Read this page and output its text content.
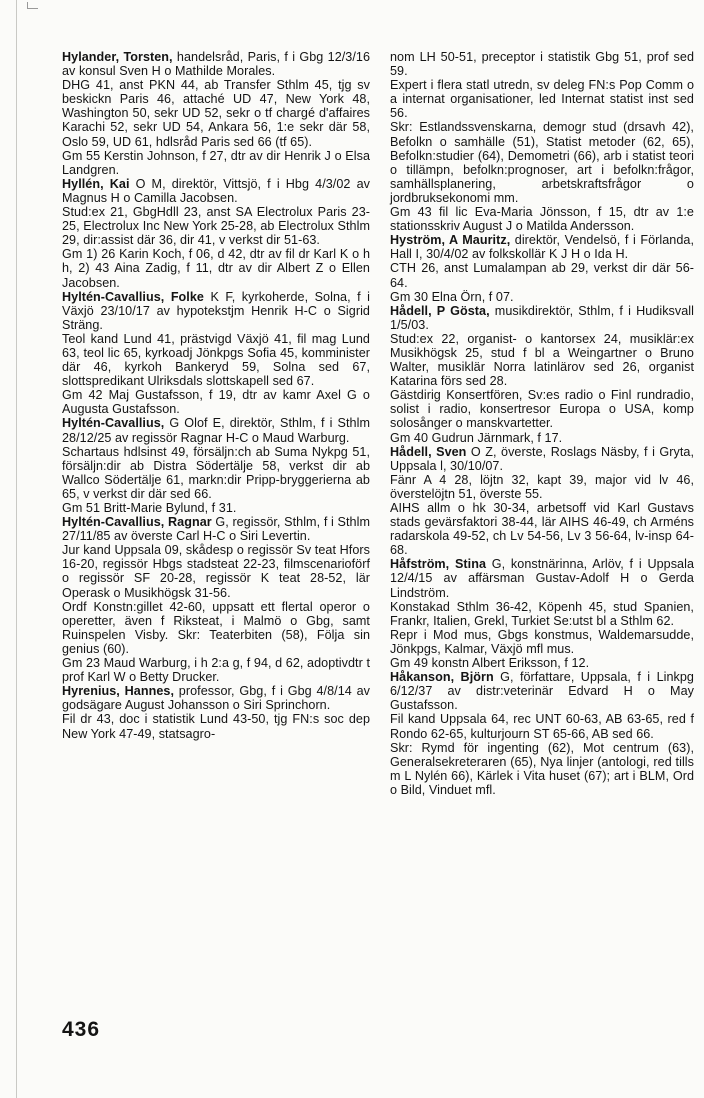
Hylander, Torsten, handelsråd, Paris, f i Gbg 12/3/16 av konsul Sven H o Mathilde Morales.

DHG 41, anst PKN 44, ab Transfer Sthlm 45, tjg sv beskickn Paris 46, attaché UD 47, New York 48, Washington 50, sekr UD 52, sekr o tf chargé d'affaires Karachi 52, sekr UD 54, Ankara 56, 1:e sekr där 58, Oslo 59, UD 61, hdlsråd Paris sed 66 (tf 65).

Gm 55 Kerstin Johnson, f 27, dtr av dir Henrik J o Elsa Landgren.

Hyllén, Kai O M, direktör, Vittsjö, f i Hbg 4/3/02 av Magnus H o Camilla Jacobsen.

Stud:ex 21, GbgHdll 23, anst SA Electrolux Paris 23-25, Electrolux Inc New York 25-28, ab Electrolux Sthlm 29, dir:assist där 36, dir 41, v verkst dir 51-63.

Gm 1) 26 Karin Koch, f 06, d 42, dtr av fil dr Karl K o h h, 2) 43 Aina Zadig, f 11, dtr av dir Albert Z o Ellen Jacobsen.

Hyltén-Cavallius, Folke K F, kyrkoherde, Solna, f i Växjö 23/10/17 av hypotekstjm Henrik H-C o Sigrid Sträng.

Teol kand Lund 41, prästvigd Växjö 41, fil mag Lund 63, teol lic 65, kyrkoadj Jönkpgs Sofia 45, komminister där 46, kyrkoh Bankeryd 59, Solna sed 67, slottspredikant Ulriksdals slottskapell sed 67.

Gm 42 Maj Gustafsson, f 19, dtr av kamr Axel G o Augusta Gustafsson.

Hyltén-Cavallius, G Olof E, direktör, Sthlm, f i Sthlm 28/12/25 av regissör Ragnar H-C o Maud Warburg.

Schartaus hdlsinst 49, försäljn:ch ab Suma Nykpg 51, försäljn:dir ab Distra Södertälje 58, verkst dir ab Wallco Södertälje 61, markn:dir Pripp-bryggerierna ab 65, v verkst dir där sed 66.

Gm 51 Britt-Marie Bylund, f 31.

Hyltén-Cavallius, Ragnar G, regissör, Sthlm, f i Sthlm 27/11/85 av överste Carl H-C o Siri Levertin.

Jur kand Uppsala 09, skådesp o regissör Sv teat Hfors 16-20, regissör Hbgs stadsteat 22-23, filmscenarioförf o regissör SF 20-28, regissör K teat 28-52, lär Operask o Musikhögsk 31-56.

Ordf Konstn:gillet 42-60, uppsatt ett flertal operor o operetter, även f Riksteat, i Malmö o Gbg, samt Ruinspelen Visby. Skr: Teaterbiten (58), Följa sin genius (60).

Gm 23 Maud Warburg, i h 2:a g, f 94, d 62, adoptivdtr t prof Karl W o Betty Drucker.

Hyrenius, Hannes, professor, Gbg, f i Gbg 4/8/14 av godsägare August Johansson o Siri Sprinchorn.

Fil dr 43, doc i statistik Lund 43-50, tjg FN:s soc dep New York 47-49, statsagro-

nom LH 50-51, preceptor i statistik Gbg 51, prof sed 59.

Expert i flera statl utredn, sv deleg FN:s Pop Comm o a internat organisationer, led Internat statist inst sed 56.

Skr: Estlandssvenskarna, demogr stud (drsavh 42), Befolkn o samhälle (51), Statist metoder (62, 65), Befolkn:studier (64), Demometri (66), arb i statist teori o tillämpn, befolkn:prognoser, art i befolkn:frågor, samhällsplanering, arbetskraftsfrågor o jordbruksekonomi mm.

Gm 43 fil lic Eva-Maria Jönsson, f 15, dtr av 1:e stationsskriv August J o Matilda Andersson.

Hyström, A Mauritz, direktör, Vendelsö, f i Förlanda, Hall I, 30/4/02 av folkskollär K J H o Ida H.

CTH 26, anst Lumalampan ab 29, verkst dir där 56-64.

Gm 30 Elna Örn, f 07.

Hådell, P Gösta, musikdirektör, Sthlm, f i Hudiksvall 1/5/03.

Stud:ex 22, organist- o kantorsex 24, musiklär:ex Musikhögsk 25, stud f bl a Weingartner o Bruno Walter, musiklär Norra latinlärov sed 26, organist Katarina förs sed 28.

Gästdirig Konsertfören, Sv:es radio o Finl rundradio, solist i radio, konsertresor Europa o USA, komp solosånger o manskvartetter.

Gm 40 Gudrun Järnmark, f 17.

Hådell, Sven O Z, överste, Roslags Näsby, f i Gryta, Uppsala l, 30/10/07.

Fänr A 4 28, löjtn 32, kapt 39, major vid lv 46, överstelöjtn 51, överste 55.

AIHS allm o hk 30-34, arbetsoff vid Karl Gustavs stads gevärsfaktori 38-44, lär AIHS 46-49, ch Arméns radarskola 49-52, ch Lv 54-56, Lv 3 56-64, lv-insp 64-68.

Håfström, Stina G, konstnärinna, Arlöv, f i Uppsala 12/4/15 av affärsman Gustav-Adolf H o Gerda Lindström.

Konstakad Sthlm 36-42, Köpenh 45, stud Spanien, Frankr, Italien, Grekl, Turkiet Se:utst bl a Sthlm 62.

Repr i Mod mus, Gbgs konstmus, Waldemarsudde, Jönkpgs, Kalmar, Växjö mfl mus.

Gm 49 konstn Albert Eriksson, f 12.

Håkanson, Björn G, författare, Uppsala, f i Linkpg 6/12/37 av distr:veterinär Edvard H o May Gustafsson.

Fil kand Uppsala 64, rec UNT 60-63, AB 63-65, red f Rondo 62-65, kulturjourn ST 65-66, AB sed 66.

Skr: Rymd för ingenting (62), Mot centrum (63), Generalsekreteraren (65), Nya linjer (antologi, red tills m L Nylén 66), Kärlek i Vita huset (67); art i BLM, Ord o Bild, Vinduet mfl.

436
